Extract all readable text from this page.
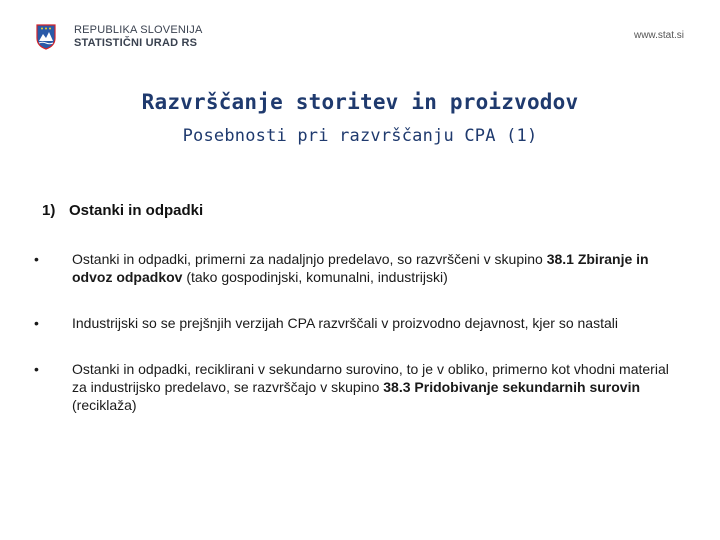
REPUBLIKA SLOVENIJA
STATISTIČNI URAD RS
www.stat.si
Razvrščanje storitev in proizvodov
Posebnosti pri razvrščanju CPA (1)
1) Ostanki in odpadki
•	Ostanki in odpadki, primerni za nadaljnjo predelavo, so razvrščeni v skupino 38.1 Zbiranje in odvoz odpadkov (tako gospodinjski, komunalni, industrijski)
•	Industrijski so se prejšnjih verzijah CPA razvrščali v proizvodno dejavnost, kjer so nastali
•	Ostanki in odpadki, reciklirani v sekundarno surovino, to je v obliko, primerno kot vhodni material za industrijsko predelavo, se razvrščajo v skupino 38.3 Pridobivanje sekundarnih surovin (reciklaža)
